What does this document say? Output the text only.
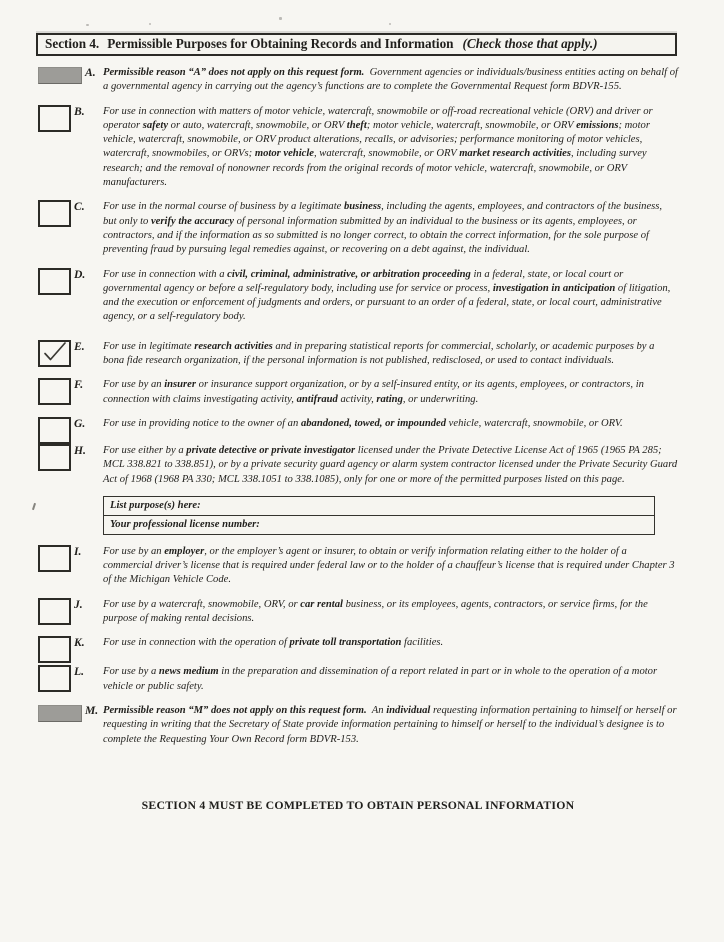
Section 4. Permissible Purposes for Obtaining Records and Information (Check those that apply.)
A. Permissible reason “A” does not apply on this request form.  Government agencies or individuals/business entities acting on behalf of a governmental agency in carrying out the agency’s functions are to complete the Governmental Request form BDVR-155.
B. For use in connection with matters of motor vehicle, watercraft, snowmobile or off-road recreational vehicle (ORV) and driver or operator safety or auto, watercraft, snowmobile, or ORV theft; motor vehicle, watercraft, snowmobile, or ORV emissions; motor vehicle, watercraft, snowmobile, or ORV product alterations, recalls, or advisories; performance monitoring of motor vehicles, watercraft, snowmobiles, or ORVs; motor vehicle, watercraft, snowmobile, or ORV market research activities, including survey research; and the removal of nonowner records from the original records of motor vehicle, watercraft, snowmobile, or ORV manufacturers.
C. For use in the normal course of business by a legitimate business, including the agents, employees, and contractors of the business, but only to verify the accuracy of personal information submitted by an individual to the business or its agents, employees, or contractors, and if the information as so submitted is no longer correct, to obtain the correct information, for the sole purpose of preventing fraud by pursuing legal remedies against, or recovering on a debt against, the individual.
D. For use in connection with a civil, criminal, administrative, or arbitration proceeding in a federal, state, or local court or governmental agency or before a self-regulatory body, including use for service or process, investigation in anticipation of litigation, and the execution or enforcement of judgments and orders, or pursuant to an order of a federal, state, or local court, administrative agency, or a self-regulatory body.
E. For use in legitimate research activities and in preparing statistical reports for commercial, scholarly, or academic purposes by a bona fide research organization, if the personal information is not published, redisclosed, or used to contact individuals.
F. For use by an insurer or insurance support organization, or by a self-insured entity, or its agents, employees, or contractors, in connection with claims investigating activity, antifraud activity, rating, or underwriting.
G. For use in providing notice to the owner of an abandoned, towed, or impounded vehicle, watercraft, snowmobile, or ORV.
H. For use either by a private detective or private investigator licensed under the Private Detective License Act of 1965 (1965 PA 285; MCL 338.821 to 338.851), or by a private security guard agency or alarm system contractor licensed under the Private Security Guard Act of 1968 (1968 PA 330; MCL 338.1051 to 338.1085), only for one or more of the permitted purposes listed on this page.
List purpose(s) here:
Your professional license number:
I. For use by an employer, or the employer’s agent or insurer, to obtain or verify information relating either to the holder of a commercial driver’s license that is required under federal law or to the holder of a chauffeur’s license that is required under Chapter 3 of the Michigan Vehicle Code.
J. For use by a watercraft, snowmobile, ORV, or car rental business, or its employees, agents, contractors, or service firms, for the purpose of making rental decisions.
K. For use in connection with the operation of private toll transportation facilities.
L. For use by a news medium in the preparation and dissemination of a report related in part or in whole to the operation of a motor vehicle or public safety.
M. Permissible reason “M” does not apply on this request form.  An individual requesting information pertaining to himself or herself or requesting in writing that the Secretary of State provide information pertaining to himself or herself to the individual’s designee is to complete the Requesting Your Own Record form BDVR-153.
SECTION 4 MUST BE COMPLETED TO OBTAIN PERSONAL INFORMATION
